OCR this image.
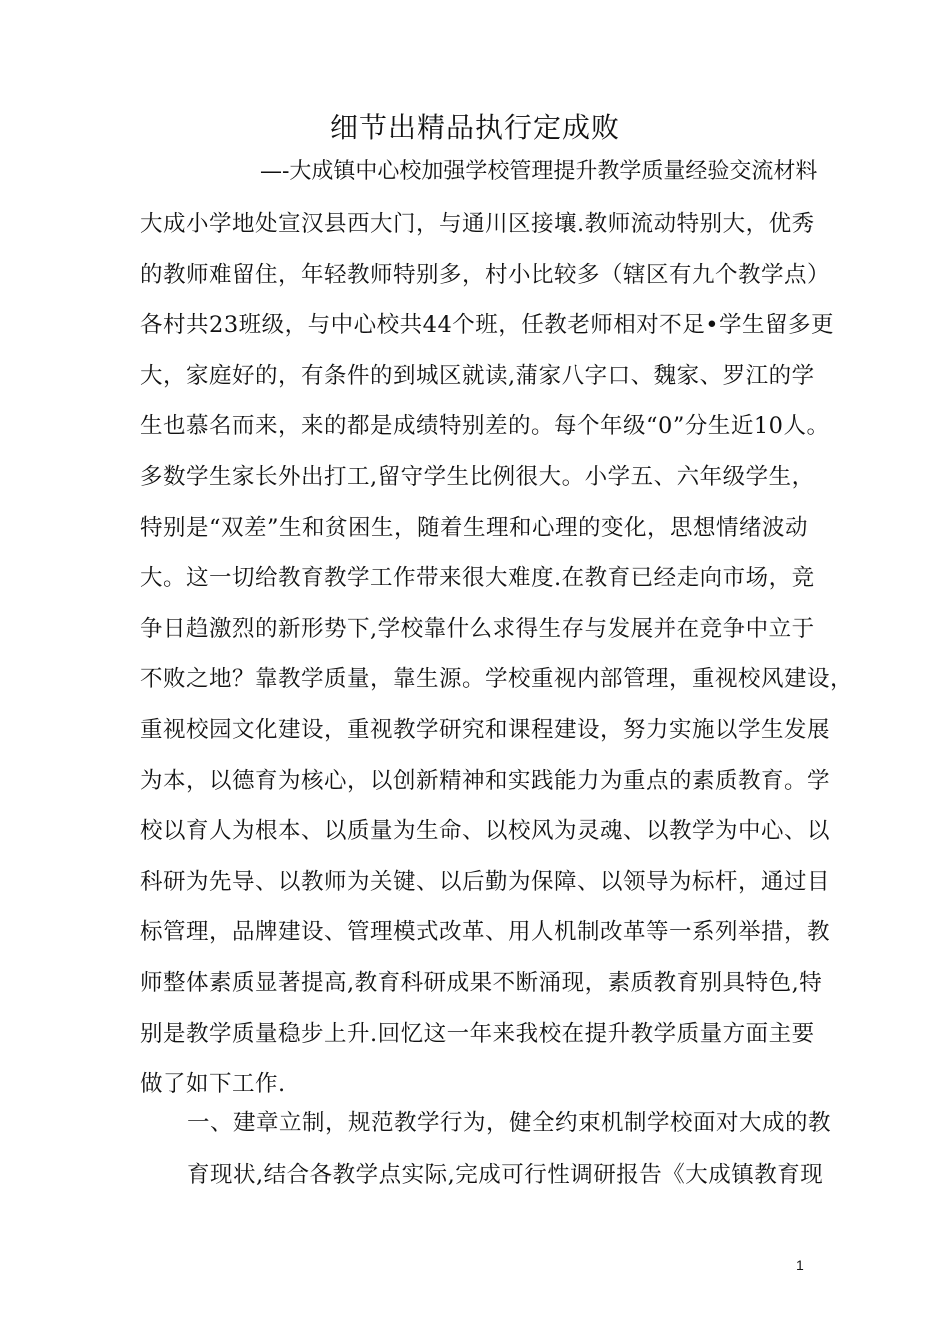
细节出精品执行定成败
—-大成镇中心校加强学校管理提升教学质量经验交流材料
大成小学地处宣汉县西大门，与通川区接壤.教师流动特别大，优秀
的教师难留住，年轻教师特别多，村小比较多（辖区有九个教学点）
各村共23班级，与中心校共44个班，任教老师相对不足•学生留多更
大，家庭好的，有条件的到城区就读,蒲家八字口、魏家、罗江的学
生也慕名而来，来的都是成绩特别差的。每个年级“0”分生近10人。
多数学生家长外出打工,留守学生比例很大。小学五、六年级学生，
特别是“双差”生和贫困生，随着生理和心理的变化，思想情绪波动
大。这一切给教育教学工作带来很大难度.在教育已经走向市场，竞
争日趋激烈的新形势下,学校靠什么求得生存与发展并在竞争中立于
不败之地？靠教学质量，靠生源。学校重视内部管理，重视校风建设，
重视校园文化建设，重视教学研究和课程建设，努力实施以学生发展
为本，以德育为核心，以创新精神和实践能力为重点的素质教育。学
校以育人为根本、以质量为生命、以校风为灵魂、以教学为中心、以
科研为先导、以教师为关键、以后勤为保障、以领导为标杆，通过目
标管理，品牌建设、管理模式改革、用人机制改革等一系列举措，教
师整体素质显著提高,教育科研成果不断涌现，素质教育别具特色,特
别是教学质量稳步上升.回忆这一年来我校在提升教学质量方面主要
做了如下工作.
一、建章立制，规范教学行为，健全约束机制学校面对大成的教
育现状,结合各教学点实际,完成可行性调研报告《大成镇教育现
1
